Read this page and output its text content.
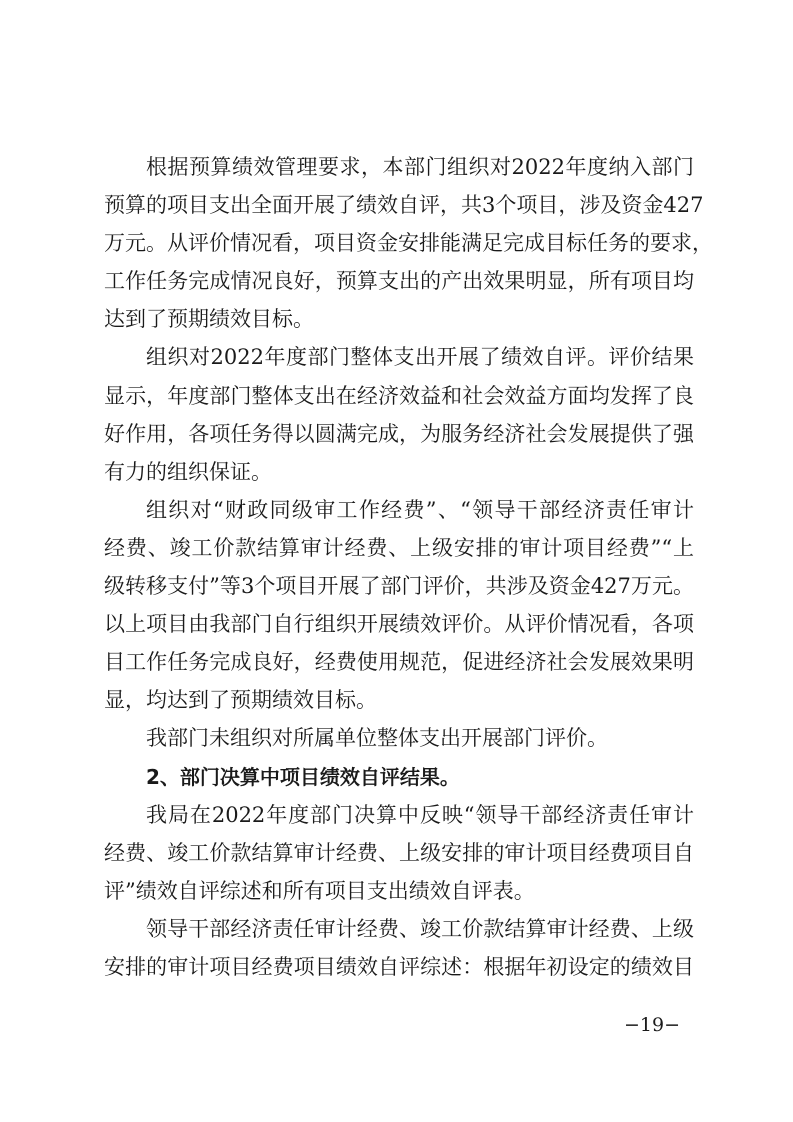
根据预算绩效管理要求，本部门组织对2022年度纳入部门
预算的项目支出全面开展了绩效自评，共3个项目，涉及资金427
万元。从评价情况看，项目资金安排能满足完成目标任务的要求，
工作任务完成情况良好，预算支出的产出效果明显，所有项目均
达到了预期绩效目标。
组织对2022年度部门整体支出开展了绩效自评。评价结果
显示，年度部门整体支出在经济效益和社会效益方面均发挥了良
好作用，各项任务得以圆满完成，为服务经济社会发展提供了强
有力的组织保证。
组织对“财政同级审工作经费”、“领导干部经济责任审计
经费、竣工价款结算审计经费、上级安排的审计项目经费”“上
级转移支付”等3个项目开展了部门评价，共涉及资金427万元。
以上项目由我部门自行组织开展绩效评价。从评价情况看，各项
目工作任务完成良好，经费使用规范，促进经济社会发展效果明
显，均达到了预期绩效目标。
我部门未组织对所属单位整体支出开展部门评价。
2、部门决算中项目绩效自评结果。
我局在2022年度部门决算中反映“领导干部经济责任审计
经费、竣工价款结算审计经费、上级安排的审计项目经费项目自
评”绩效自评综述和所有项目支出绩效自评表。
领导干部经济责任审计经费、竣工价款结算审计经费、上级
安排的审计项目经费项目绩效自评综述：根据年初设定的绩效目
−19−
